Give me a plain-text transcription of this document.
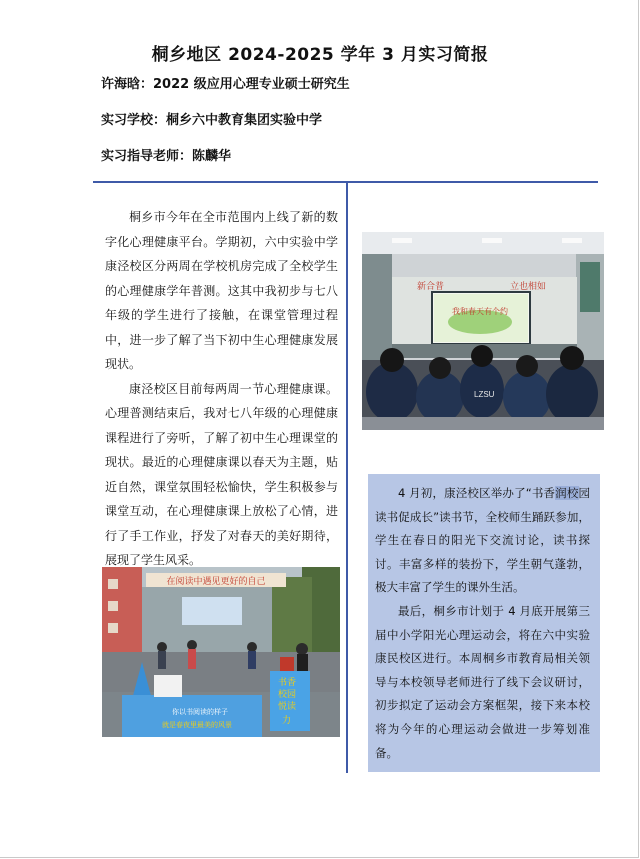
桐乡地区 2024-2025 学年 3 月实习简报
许海晗：2022 级应用心理专业硕士研究生
实习学校：桐乡六中教育集团实验中学
实习指导老师：陈麟华

桐乡市今年在全市范围内上线了新的数字化心理健康平台。学期初，六中实验中学康泾校区分两周在学校机房完成了全校学生的心理健康学年普测。这其中我初步与七八年级的学生进行了接触，在课堂管理过程中，进一步了解了当下初中生心理健康发展现状。

康泾校区目前每两周一节心理健康课。心理普测结束后，我对七八年级的心理健康课程进行了旁听，了解了初中生心理课堂的现状。最近的心理健康课以春天为主题，贴近自然，课堂氛围轻松愉快，学生积极参与课堂互动，在心理健康课上放松了心情，进行了手工作业，抒发了对春天的美好期待，展现了学生风采。

新合普	立也相如
我和春天有个约
LZSU
在阅读中遇见更好的自己
你以书阅读的样子
就是春夜里最美的风景
书香
校园
悦读
力

4 月初，康泾校区举办了“书香润校园 读书促成长”读书节，全校师生踊跃参加，学生在春日的阳光下交流讨论，读书探讨。丰富多样的装扮下，学生朝气蓬勃，极大丰富了学生的课外生活。

最后，桐乡市计划于 4 月底开展第三届中小学阳光心理运动会，将在六中实验康民校区进行。本周桐乡市教育局相关领导与本校领导老师进行了线下会议研讨，初步拟定了运动会方案框架，接下来本校将为今年的心理运动会做进一步筹划准备。
